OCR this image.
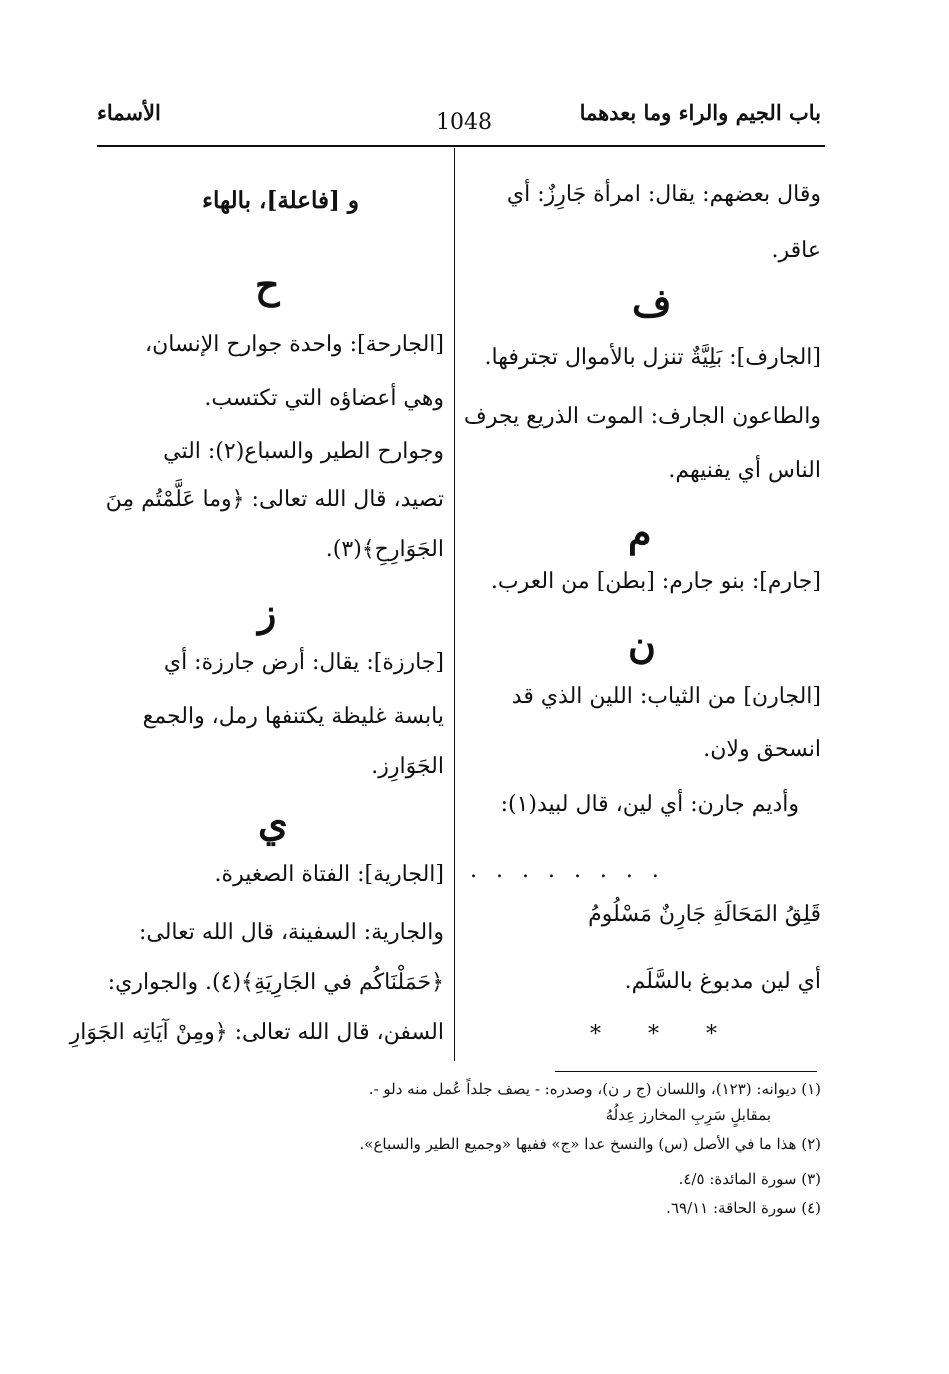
باب الجيم والراء وما بعدهما
1048
الأسماء
وقال بعضهم: يقال: امرأة جَارِزٌ: أي
عاقر.
ف
[الجارف]: بَلِيَّةٌ تنزل بالأموال تجترفها.
والطاعون الجارف: الموت الذريع يجرف
الناس أي يفنيهم.
م
[جارم]: بنو جارم: [بطن] من العرب.
ن
[الجارن] من الثياب: اللين الذي قد
انسحق ولان.
وأديم جارن: أي لين، قال لبيد(١):
. . . . . . . .
قَلِقُ المَحَالَةِ جَارِنٌ مَسْلُومُ
أي لين مدبوغ بالسَّلَم.
* * *
و [فاعلة]، بالهاء
ح
[الجارحة]: واحدة جوارح الإنسان،
وهي أعضاؤه التي تكتسب.
وجوارح الطير والسباع(٢): التي
تصيد، قال الله تعالى: ﴿وما عَلَّمْتُم مِنَ
الجَوَارِحِ﴾(٣).
ز
[جارزة]: يقال: أرض جارزة: أي
يابسة غليظة يكتنفها رمل، والجمع
الجَوَارِز.
ي
[الجارية]: الفتاة الصغيرة.
والجارية: السفينة، قال الله تعالى:
﴿حَمَلْنَاكُم في الجَارِيَةِ﴾(٤). والجواري:
السفن، قال الله تعالى: ﴿ومِنْ آيَاتِه الجَوَارِ
(١) ديوانه: (١٢٣)، واللسان (ج ر ن)، وصدره: - يصف جلداً عُمل منه دلو -.
بمقابلٍ سَرِبِ المخارز عِدلُهُ
(٢) هذا ما في الأصل (س) والنسخ عدا «ج» ففيها «وجميع الطير والسباع».
(٣) سورة المائدة: ٤/٥.
(٤) سورة الحاقة: ٦٩/١١.
